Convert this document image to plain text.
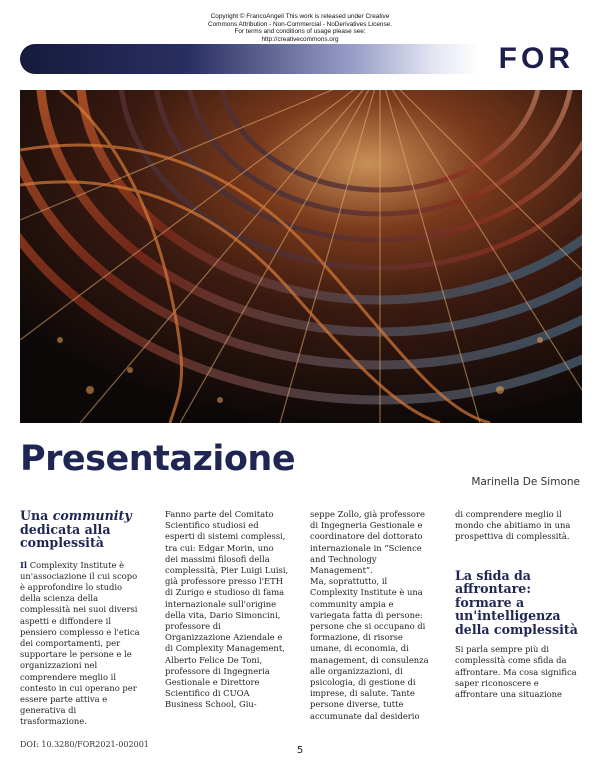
Copyright © FrancoAngeli This work is released under Creative
Commons Attribution - Non-Commercial - NoDerivatives License.
For terms and conditions of usage please see:
http://creativecommons.org
FOR
Presentazione
Marinella De Simone
Una community
dedicata alla complessità

Il Complexity Institute è un'associazione il cui scopo è approfondire lo studio della scienza della complessità nei suoi diversi aspetti e diffondere il pensiero complesso e l'etica dei comportamenti, per supportare le persone e le organizzazioni nel comprendere meglio il contesto in cui operano per essere parte attiva e generativa di trasformazione.

Fanno parte del Comitato Scientifico studiosi ed esperti di sistemi complessi, tra cui: Edgar Morin, uno dei massimi filosofi della complessità, Pier Luigi Luisi, già professore presso l'ETH di Zurigo e studioso di fama internazionale sull'origine della vita, Dario Simoncini, professore di Organizzazione Aziendale e di Complexity Management, Alberto Felice De Toni, professore di Ingegneria Gestionale e Direttore Scientifico di CUOA Business School, Giu-

seppe Zollo, già professore di Ingegneria Gestionale e coordinatore del dottorato internazionale in “Science and Technology Management”.

Ma, soprattutto, il Complexity Institute è una community ampia e variegata fatta di persone: persone che si occupano di formazione, di risorse umane, di economia, di management, di consulenza alle organizzazioni, di psicologia, di gestione di imprese, di salute. Tante persone diverse, tutte accumunate dal desiderio

di comprendere meglio il mondo che abitiamo in una prospettiva di complessità.

La sfida da affrontare: formare a un'intelligenza della complessità

Si parla sempre più di complessità come sfida da affrontare. Ma cosa significa saper riconoscere e affrontare una situazione

DOI: 10.3280/FOR2021-002001
5
